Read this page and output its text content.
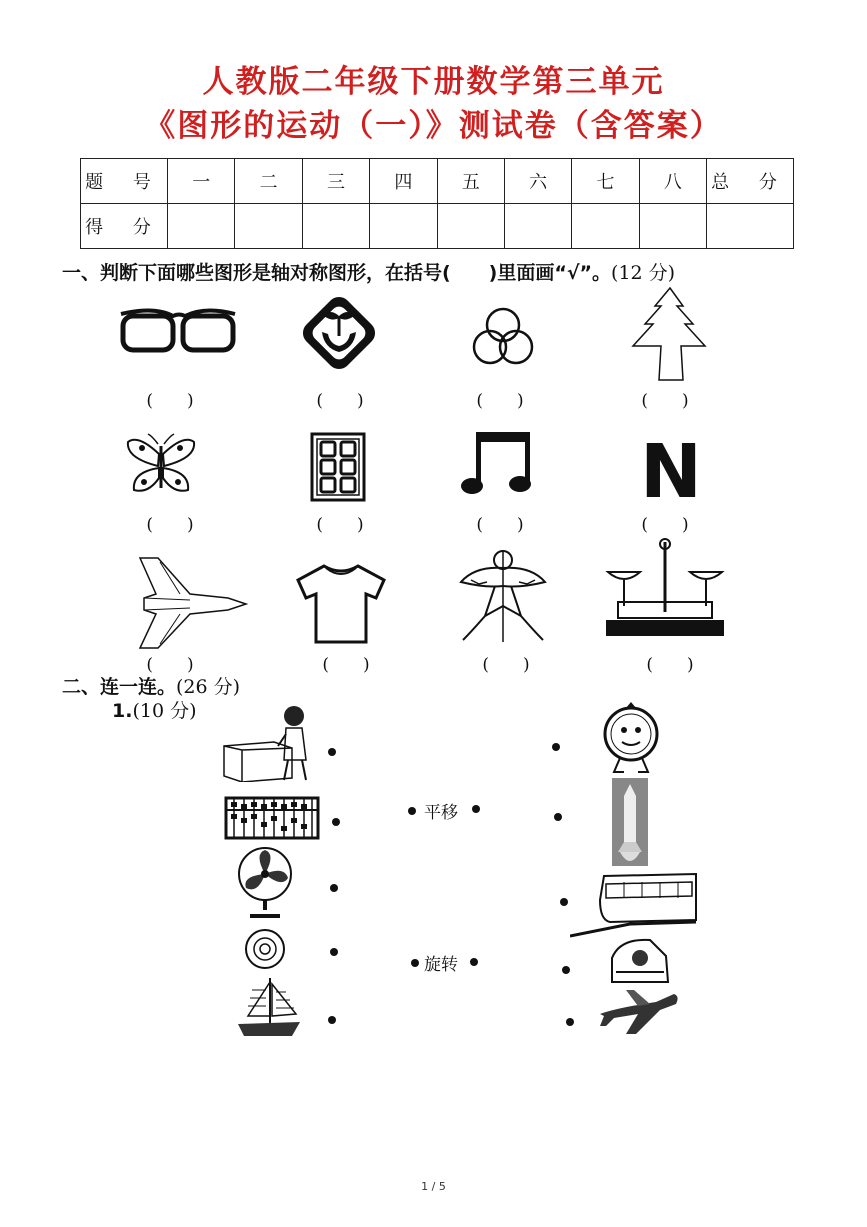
人教版二年级下册数学第三单元
《图形的运动（一）》测试卷（含答案）
题 号	一	二	三	四	五	六	七	八	总 分
得 分									
一、判断下面哪些图形是轴对称图形，在括号(　　)里面画“√”。(12 分)
(　　)	(　　)	(　　)	(　　)
N
(　　)	(　　)	(　　)	(　　)
(　　)	(　　)	(　　)	(　　)
二、连一连。(26 分)
1.(10 分)
平移
旋转
1 / 5
